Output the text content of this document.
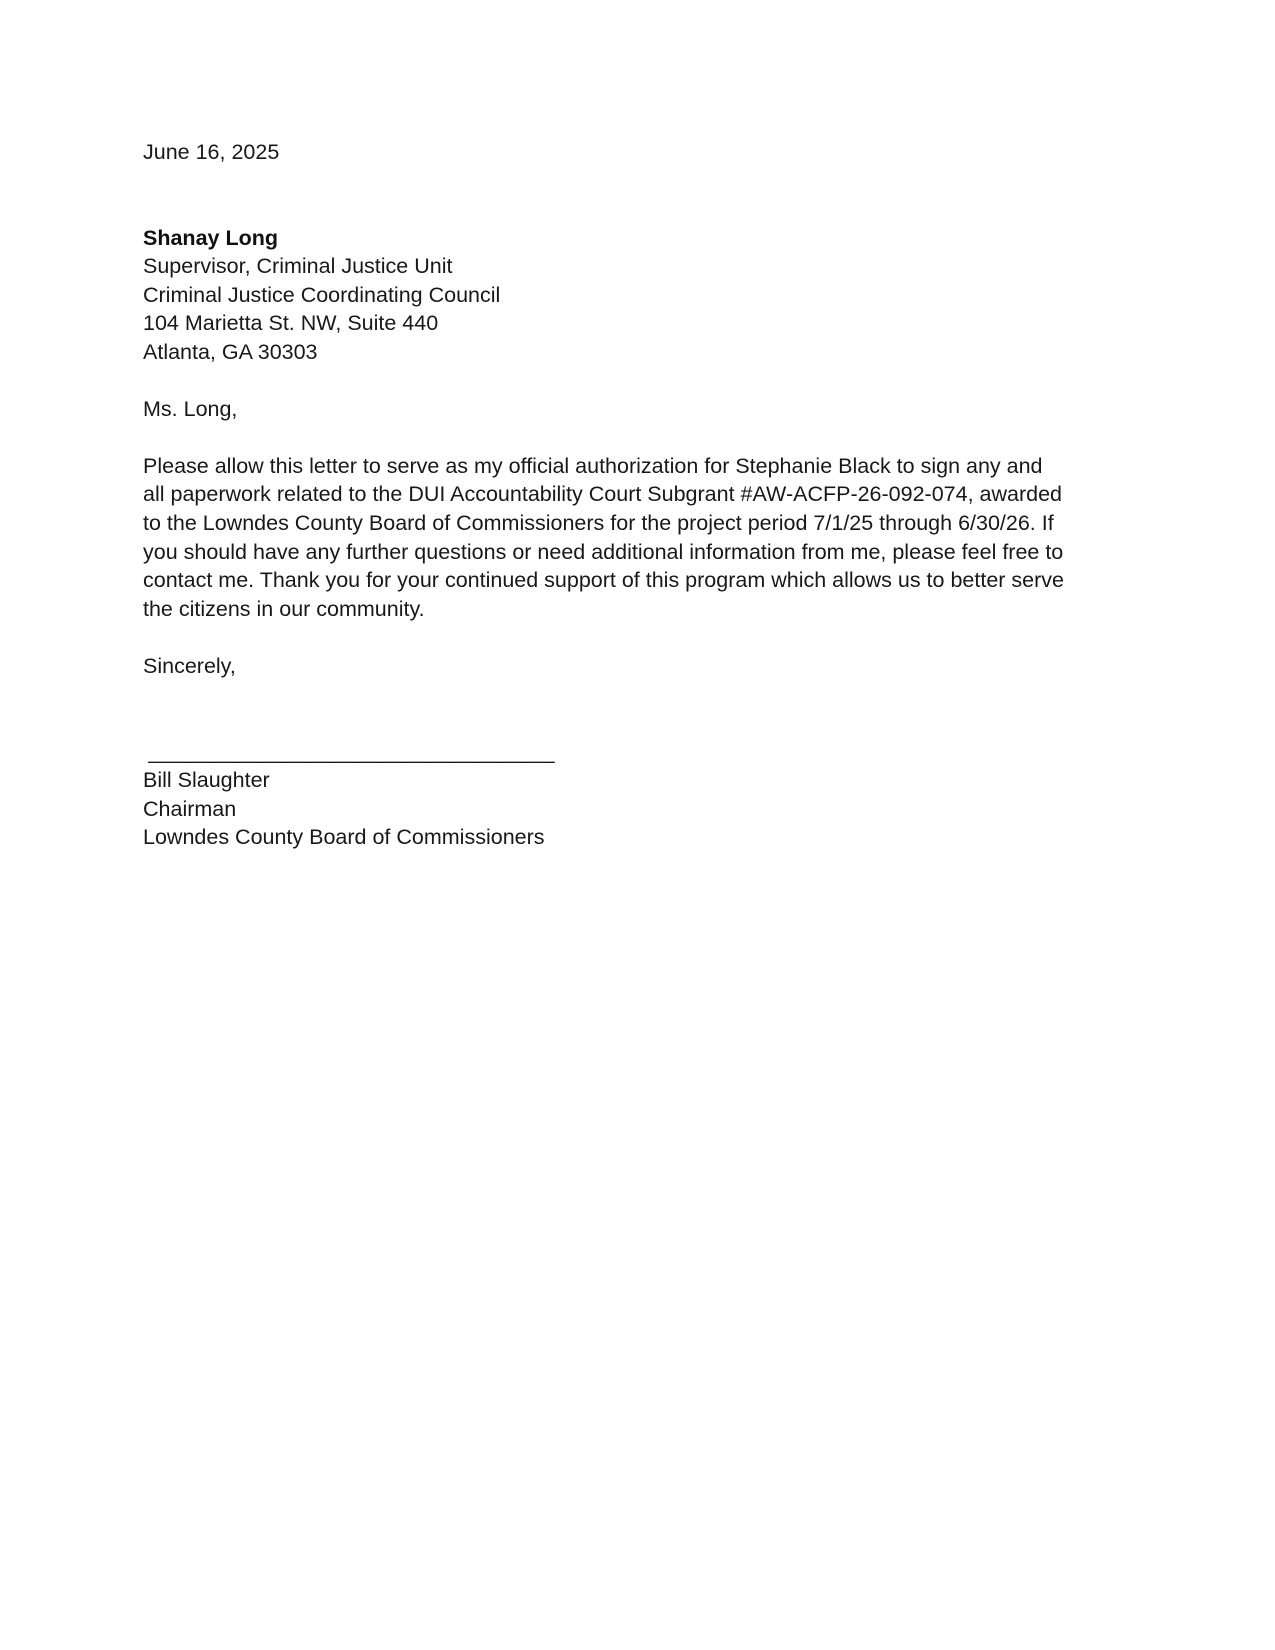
June 16, 2025
Shanay Long
Supervisor, Criminal Justice Unit
Criminal Justice Coordinating Council
104 Marietta St. NW, Suite 440
Atlanta, GA 30303
Ms. Long,
Please allow this letter to serve as my official authorization for Stephanie Black to sign any and all paperwork related to the DUI Accountability Court Subgrant #AW-ACFP-26-092-074, awarded to the Lowndes County Board of Commissioners for the project period 7/1/25 through 6/30/26. If you should have any further questions or need additional information from me, please feel free to contact me. Thank you for your continued support of this program which allows us to better serve the citizens in our community.
Sincerely,
__________________________________
Bill Slaughter
Chairman
Lowndes County Board of Commissioners
